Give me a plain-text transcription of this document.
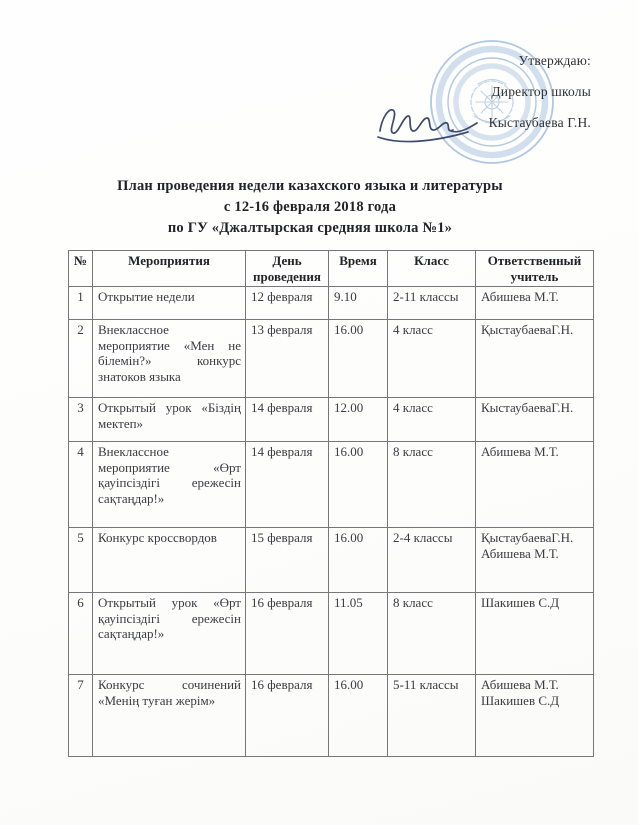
Утверждаю:
Директор школы
Кыстаубаева Г.Н.
План проведения недели казахского языка и литературы
с 12-16 февраля 2018 года
по ГУ «Джалтырская средняя школа №1»
№	Мероприятия	День проведения	Время	Класс	Ответственный учитель
1	Открытие недели	12 февраля	9.10	2-11 классы	Абишева М.Т.
2	Внеклассное мероприятие «Мен не білемін?» конкурс знатоков языка	13 февраля	16.00	4 класс	ҚыстаубаеваГ.Н.
3	Открытый урок «Біздің мектеп»	14 февраля	12.00	4 класс	КыстаубаеваГ.Н.
4	Внеклассное мероприятие «Өрт қауіпсіздігі ережесін сақтаңдар!»	14 февраля	16.00	8 класс	Абишева М.Т.
5	Конкурс кроссвордов	15 февраля	16.00	2-4 классы	ҚыстаубаеваГ.Н. Абишева М.Т.
6	Открытый урок «Өрт қауіпсіздігі ережесін сақтаңдар!»	16 февраля	11.05	8 класс	Шакишев С.Д
7	Конкурс сочинений «Менің туған жерім»	16 февраля	16.00	5-11 классы	Абишева М.Т. Шакишев С.Д
